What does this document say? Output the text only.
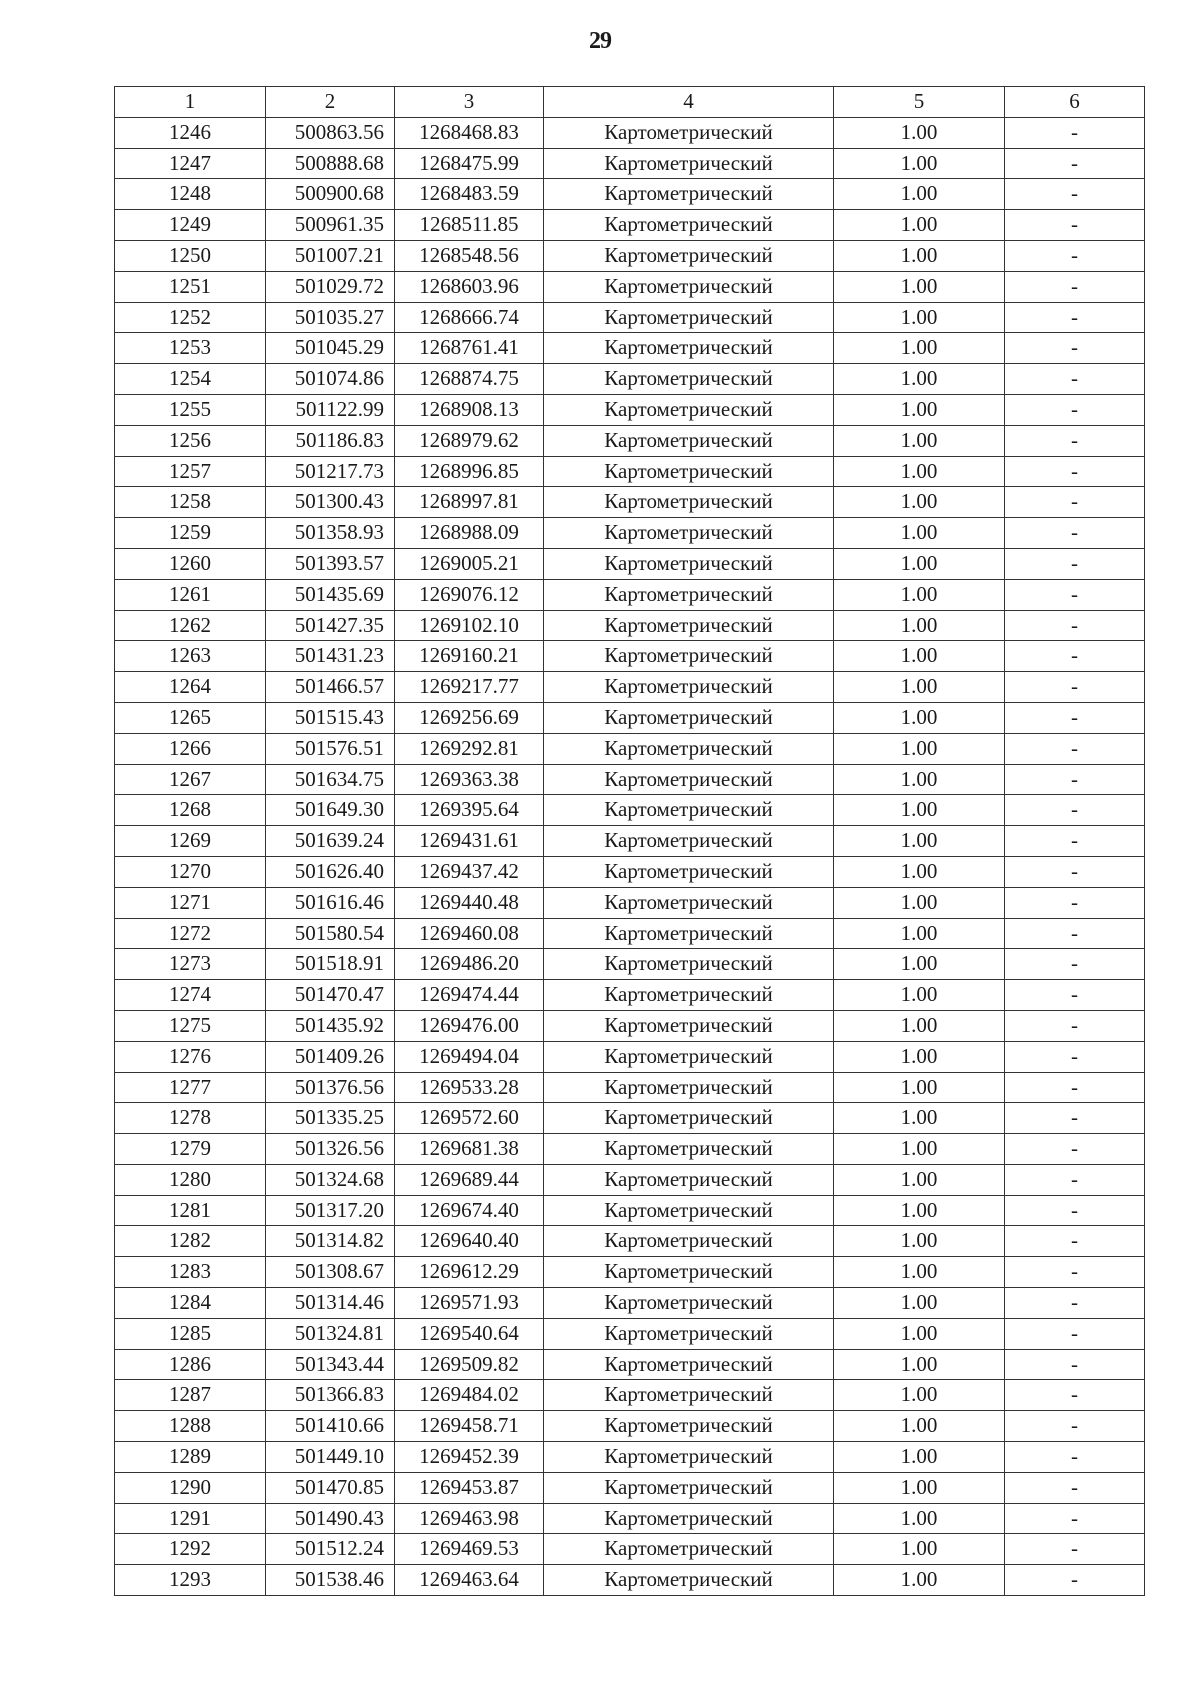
29
1	2	3	4	5	6
1246	500863.56	1268468.83	Картометрический	1.00	-
1247	500888.68	1268475.99	Картометрический	1.00	-
1248	500900.68	1268483.59	Картометрический	1.00	-
1249	500961.35	1268511.85	Картометрический	1.00	-
1250	501007.21	1268548.56	Картометрический	1.00	-
1251	501029.72	1268603.96	Картометрический	1.00	-
1252	501035.27	1268666.74	Картометрический	1.00	-
1253	501045.29	1268761.41	Картометрический	1.00	-
1254	501074.86	1268874.75	Картометрический	1.00	-
1255	501122.99	1268908.13	Картометрический	1.00	-
1256	501186.83	1268979.62	Картометрический	1.00	-
1257	501217.73	1268996.85	Картометрический	1.00	-
1258	501300.43	1268997.81	Картометрический	1.00	-
1259	501358.93	1268988.09	Картометрический	1.00	-
1260	501393.57	1269005.21	Картометрический	1.00	-
1261	501435.69	1269076.12	Картометрический	1.00	-
1262	501427.35	1269102.10	Картометрический	1.00	-
1263	501431.23	1269160.21	Картометрический	1.00	-
1264	501466.57	1269217.77	Картометрический	1.00	-
1265	501515.43	1269256.69	Картометрический	1.00	-
1266	501576.51	1269292.81	Картометрический	1.00	-
1267	501634.75	1269363.38	Картометрический	1.00	-
1268	501649.30	1269395.64	Картометрический	1.00	-
1269	501639.24	1269431.61	Картометрический	1.00	-
1270	501626.40	1269437.42	Картометрический	1.00	-
1271	501616.46	1269440.48	Картометрический	1.00	-
1272	501580.54	1269460.08	Картометрический	1.00	-
1273	501518.91	1269486.20	Картометрический	1.00	-
1274	501470.47	1269474.44	Картометрический	1.00	-
1275	501435.92	1269476.00	Картометрический	1.00	-
1276	501409.26	1269494.04	Картометрический	1.00	-
1277	501376.56	1269533.28	Картометрический	1.00	-
1278	501335.25	1269572.60	Картометрический	1.00	-
1279	501326.56	1269681.38	Картометрический	1.00	-
1280	501324.68	1269689.44	Картометрический	1.00	-
1281	501317.20	1269674.40	Картометрический	1.00	-
1282	501314.82	1269640.40	Картометрический	1.00	-
1283	501308.67	1269612.29	Картометрический	1.00	-
1284	501314.46	1269571.93	Картометрический	1.00	-
1285	501324.81	1269540.64	Картометрический	1.00	-
1286	501343.44	1269509.82	Картометрический	1.00	-
1287	501366.83	1269484.02	Картометрический	1.00	-
1288	501410.66	1269458.71	Картометрический	1.00	-
1289	501449.10	1269452.39	Картометрический	1.00	-
1290	501470.85	1269453.87	Картометрический	1.00	-
1291	501490.43	1269463.98	Картометрический	1.00	-
1292	501512.24	1269469.53	Картометрический	1.00	-
1293	501538.46	1269463.64	Картометрический	1.00	-
